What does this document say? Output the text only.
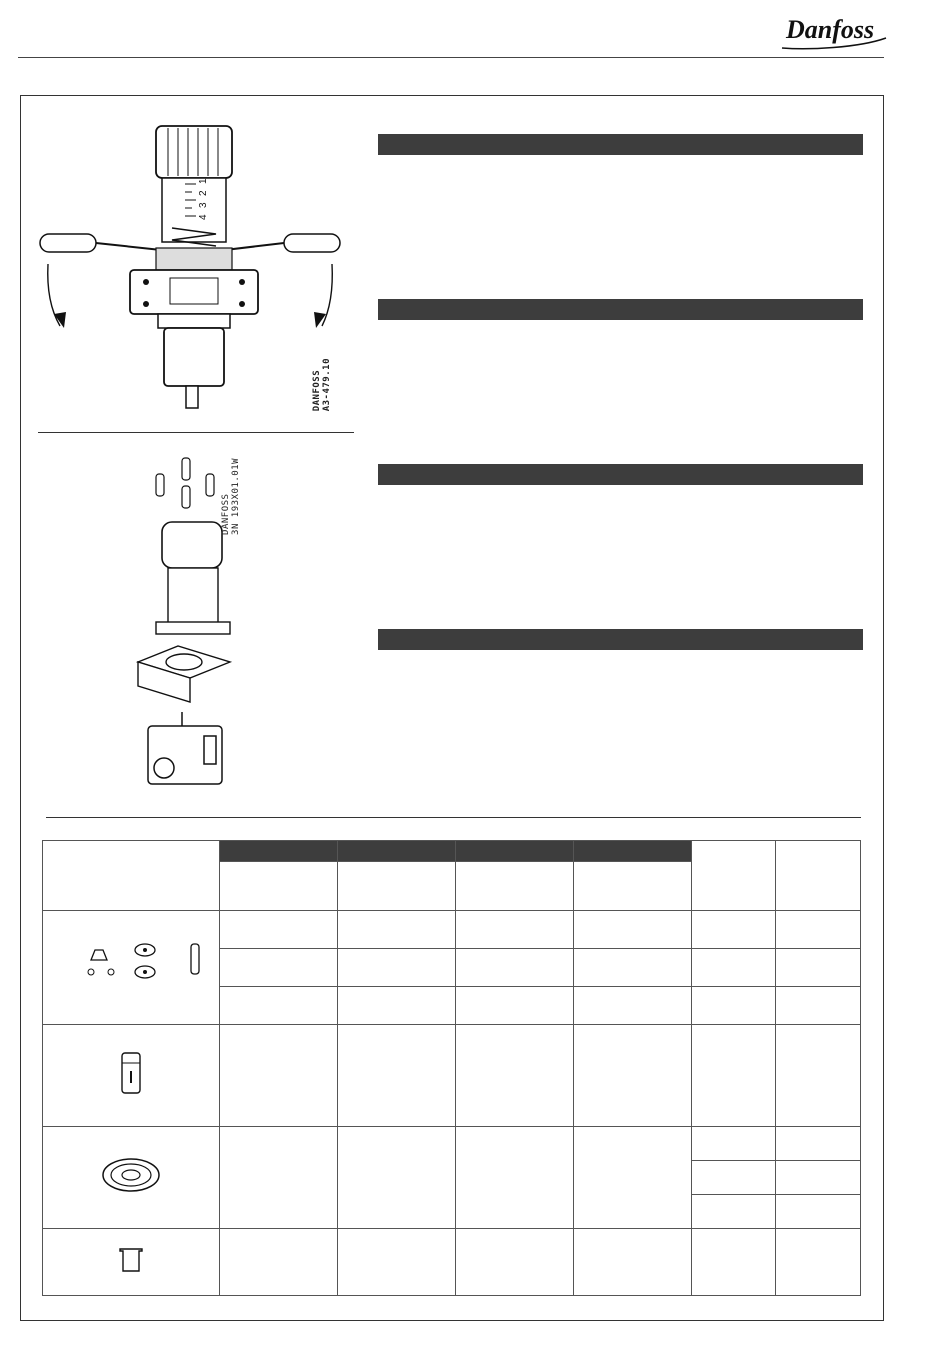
Danfoss
4
3
2
1
DANFOSS
A3-479.10
DANFOSS
3N 193X01.01W
